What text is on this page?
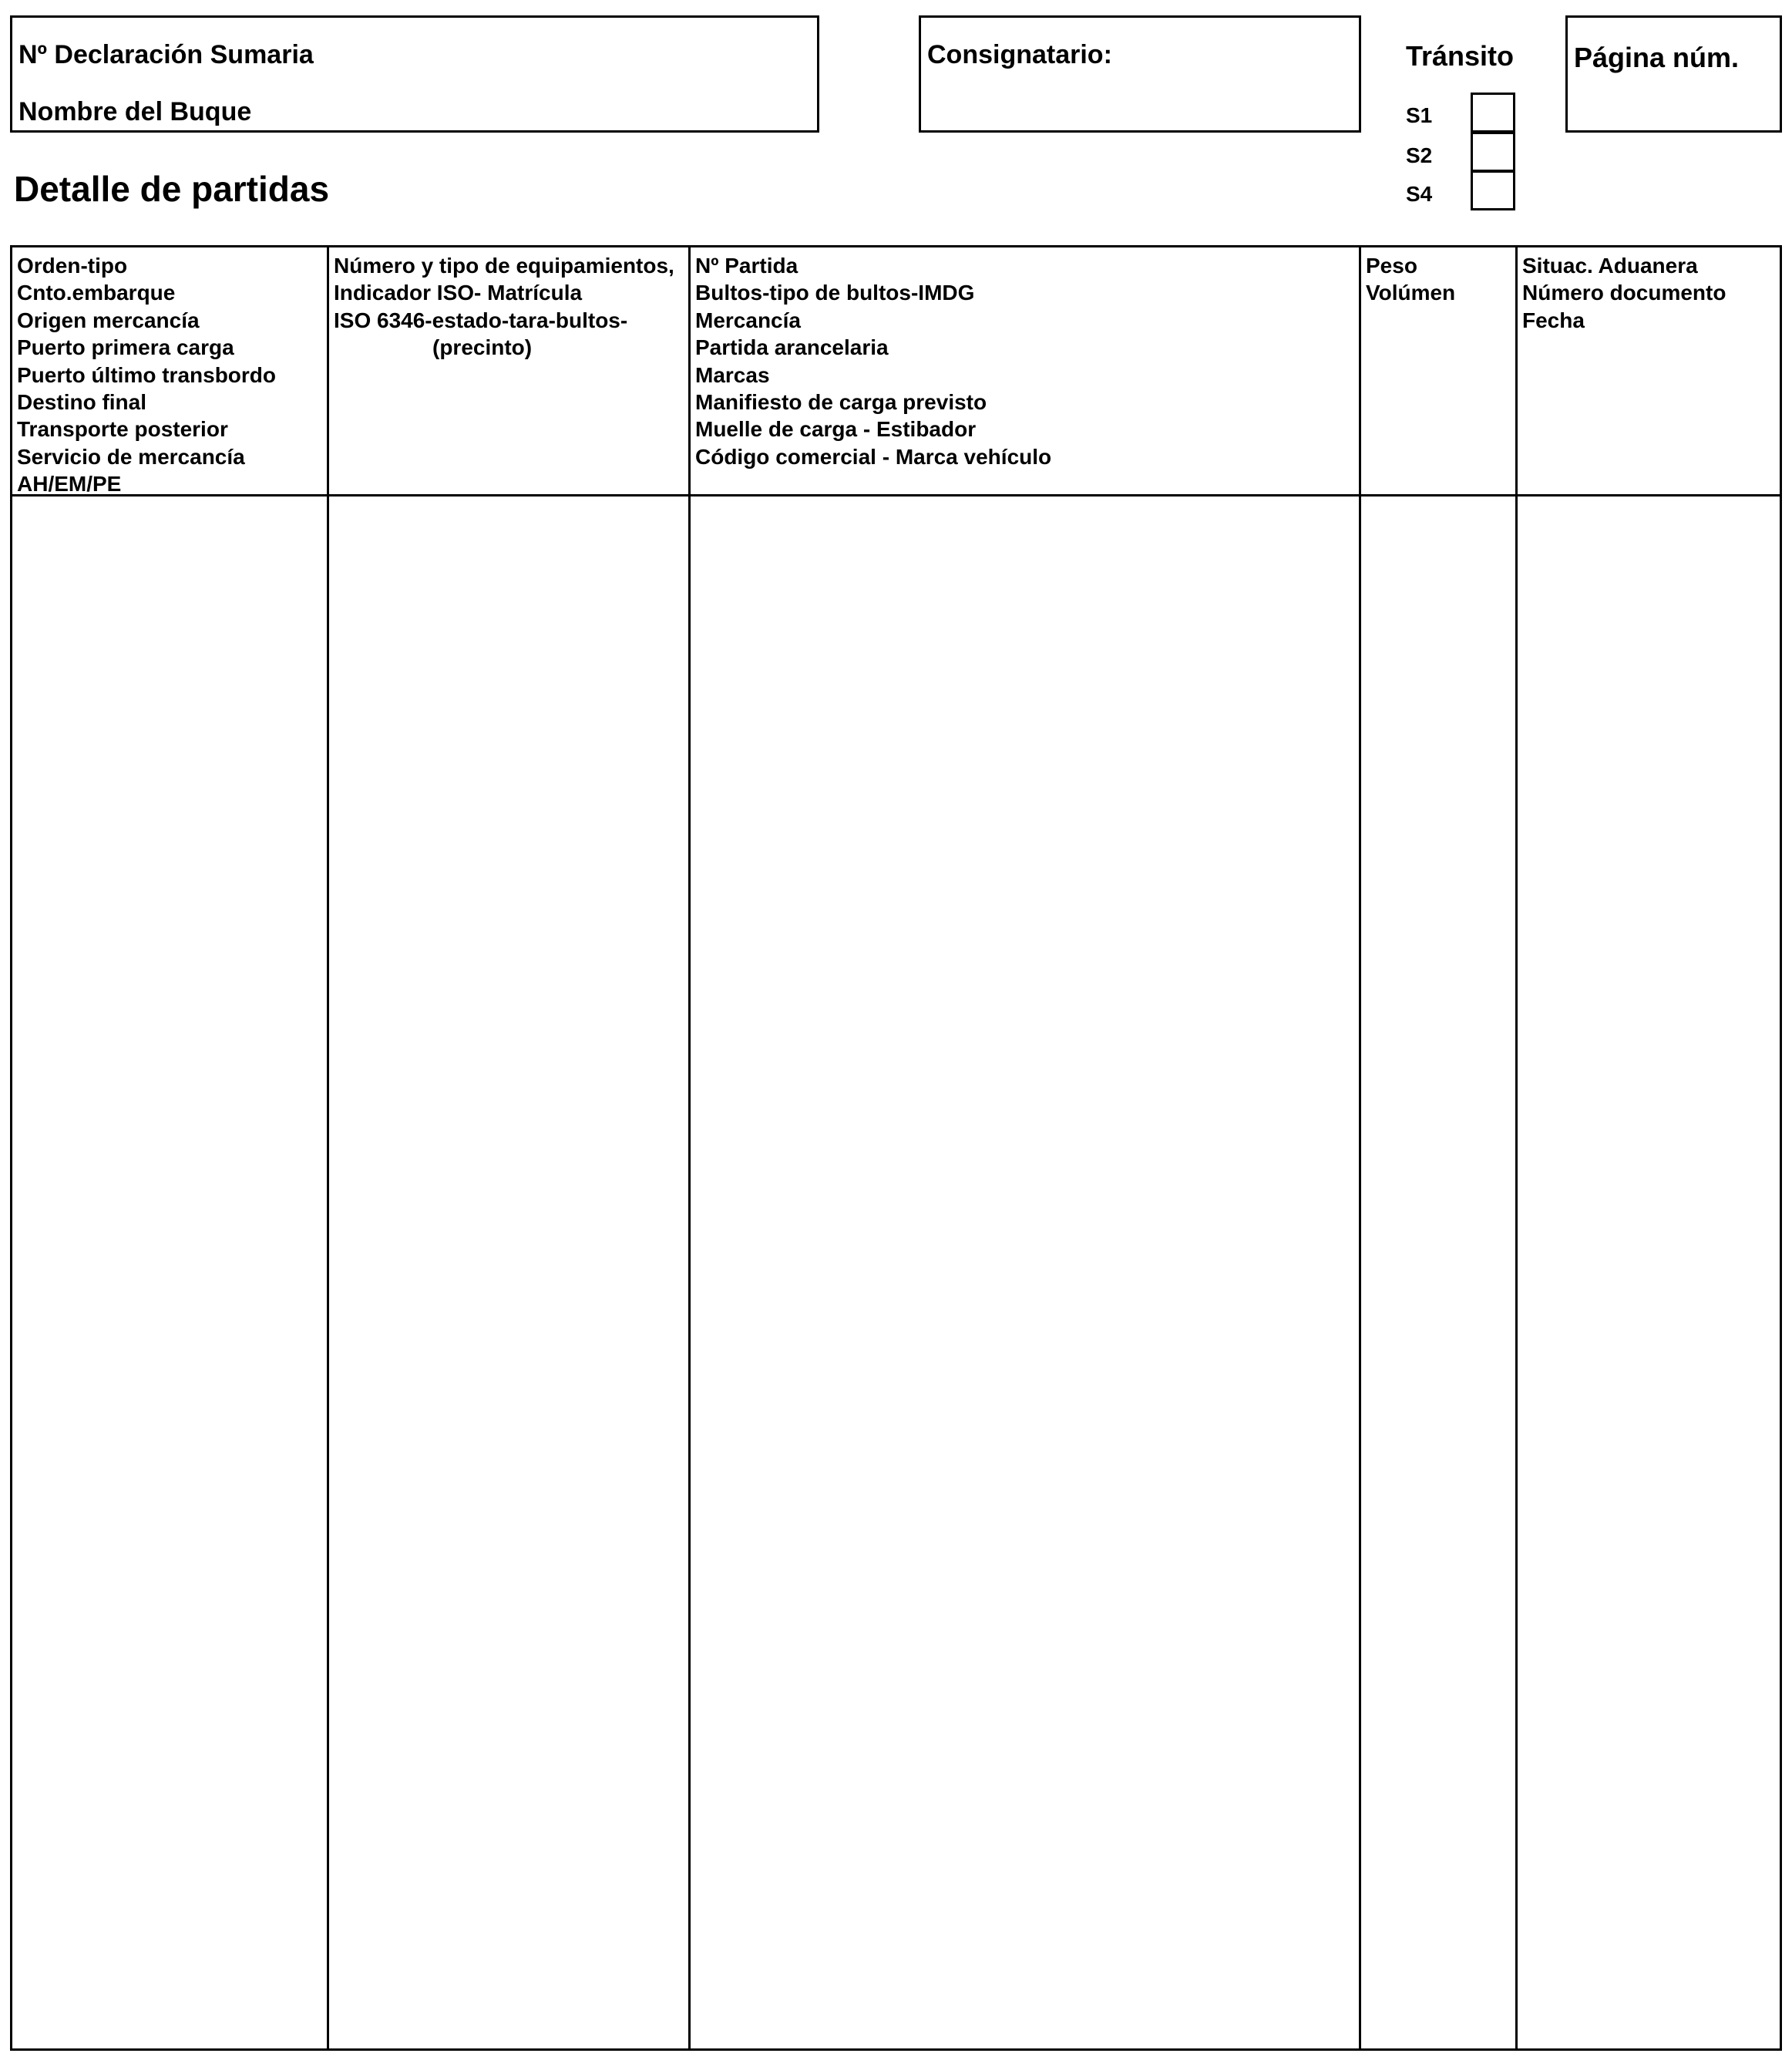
Nº Declaración Sumaria
Nombre del Buque
Consignatario:	Tránsito
S1
S2
S4
Página núm.
Detalle de partidas
Orden-tipo
Cnto.embarque
Origen mercancía
Puerto primera carga
Puerto último transbordo
Destino final
Transporte posterior
Servicio de mercancía
AH/EM/PE
Número y tipo de equipamientos,
Indicador ISO- Matrícula
ISO 6346-estado-tara-bultos-
(precinto)
Nº Partida
Bultos-tipo de bultos-IMDG
Mercancía
Partida arancelaria
Marcas
Manifiesto de carga previsto
Muelle de carga - Estibador
Código comercial - Marca vehículo
Peso
Volúmen
Situac. Aduanera
Número documento
Fecha
